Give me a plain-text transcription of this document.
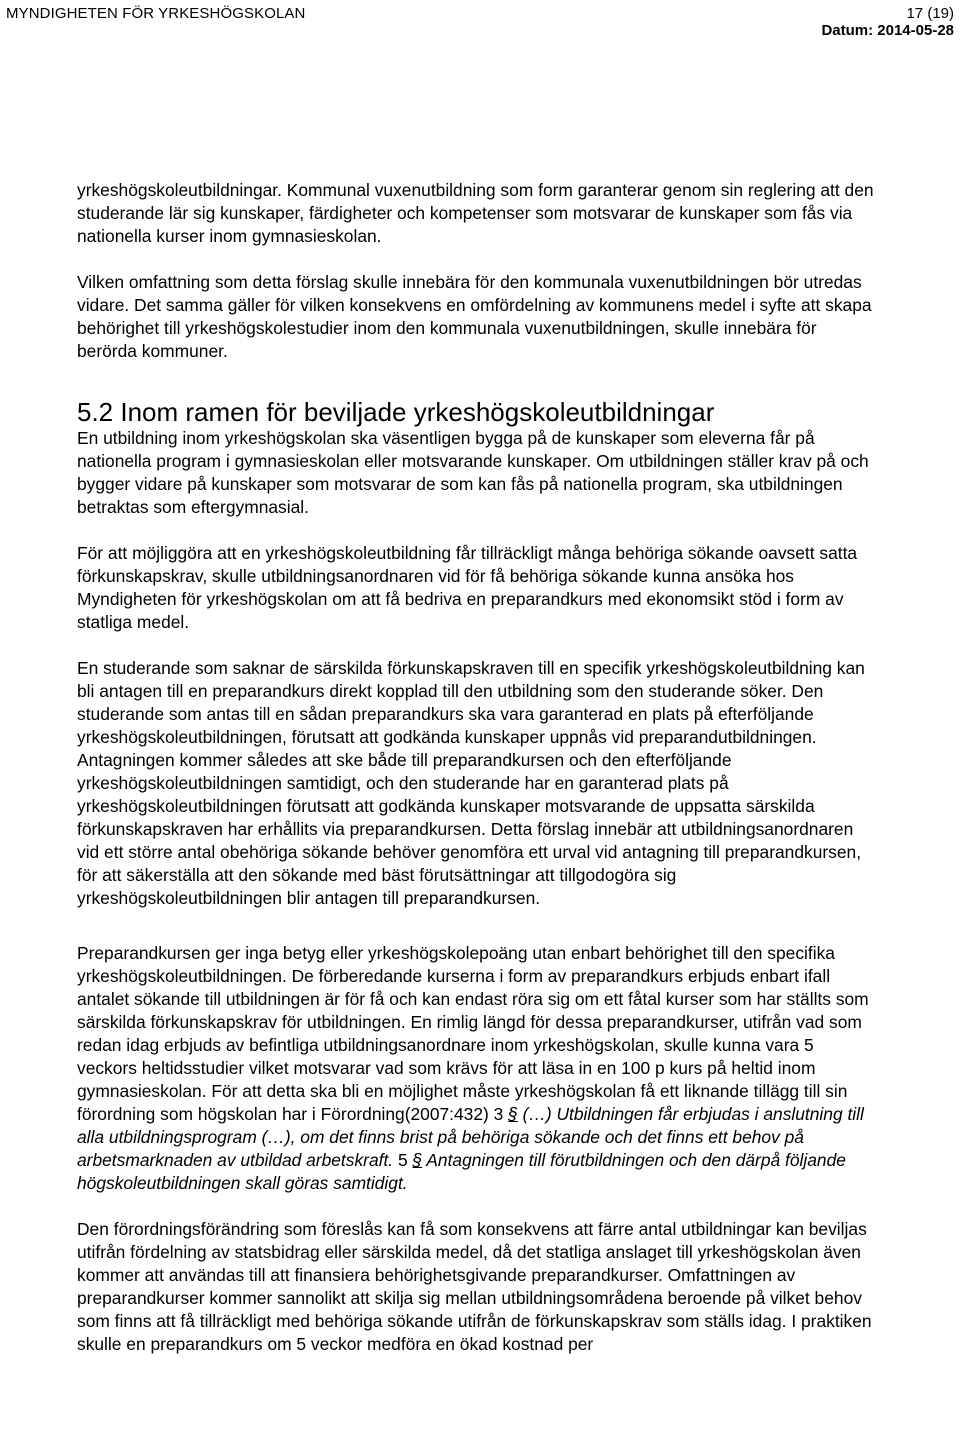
MYNDIGHETEN FÖR YRKESHÖGSKOLAN	17 (19)
Datum: 2014-05-28

yrkeshögskoleutbildningar. Kommunal vuxenutbildning som form garanterar genom sin reglering att den studerande lär sig kunskaper, färdigheter och kompetenser som motsvarar de kunskaper som fås via nationella kurser inom gymnasieskolan.

Vilken omfattning som detta förslag skulle innebära för den kommunala vuxenutbildningen bör utredas vidare. Det samma gäller för vilken konsekvens en omfördelning av kommunens medel i syfte att skapa behörighet till yrkeshögskolestudier inom den kommunala vuxenutbildningen, skulle innebära för berörda kommuner.

5.2 Inom ramen för beviljade yrkeshögskoleutbildningar

En utbildning inom yrkeshögskolan ska väsentligen bygga på de kunskaper som eleverna får på nationella program i gymnasieskolan eller motsvarande kunskaper. Om utbildningen ställer krav på och bygger vidare på kunskaper som motsvarar de som kan fås på nationella program, ska utbildningen betraktas som eftergymnasial.

För att möjliggöra att en yrkeshögskoleutbildning får tillräckligt många behöriga sökande oavsett satta förkunskapskrav, skulle utbildningsanordnaren vid för få behöriga sökande kunna ansöka hos Myndigheten för yrkeshögskolan om att få bedriva en preparandkurs med ekonomsikt stöd i form av statliga medel.

En studerande som saknar de särskilda förkunskapskraven till en specifik yrkeshögskoleutbildning kan bli antagen till en preparandkurs direkt kopplad till den utbildning som den studerande söker. Den studerande som antas till en sådan preparandkurs ska vara garanterad en plats på efterföljande yrkeshögskoleutbildningen, förutsatt att godkända kunskaper uppnås vid preparandutbildningen. Antagningen kommer således att ske både till preparandkursen och den efterföljande yrkeshögskoleutbildningen samtidigt, och den studerande har en garanterad plats på yrkeshögskoleutbildningen förutsatt att godkända kunskaper motsvarande de uppsatta särskilda förkunskapskraven har erhållits via preparandkursen. Detta förslag innebär att utbildningsanordnaren vid ett större antal obehöriga sökande behöver genomföra ett urval vid antagning till preparandkursen, för att säkerställa att den sökande med bäst förutsättningar att tillgodogöra sig yrkeshögskoleutbildningen blir antagen till preparandkursen.

Preparandkursen ger inga betyg eller yrkeshögskolepoäng utan enbart behörighet till den specifika yrkeshögskoleutbildningen. De förberedande kurserna i form av preparandkurs erbjuds enbart ifall antalet sökande till utbildningen är för få och kan endast röra sig om ett fåtal kurser som har ställts som särskilda förkunskapskrav för utbildningen. En rimlig längd för dessa preparandkurser, utifrån vad som redan idag erbjuds av befintliga utbildningsanordnare inom yrkeshögskolan, skulle kunna vara 5 veckors heltidsstudier vilket motsvarar vad som krävs för att läsa in en 100 p kurs på heltid inom gymnasieskolan. För att detta ska bli en möjlighet måste yrkeshögskolan få ett liknande tillägg till sin förordning som högskolan har i Förordning(2007:432) 3 § (…) Utbildningen får erbjudas i anslutning till alla utbildningsprogram (…), om det finns brist på behöriga sökande och det finns ett behov på arbetsmarknaden av utbildad arbetskraft. 5 § Antagningen till förutbildningen och den därpå följande högskoleutbildningen skall göras samtidigt.

Den förordningsförändring som föreslås kan få som konsekvens att färre antal utbildningar kan beviljas utifrån fördelning av statsbidrag eller särskilda medel, då det statliga anslaget till yrkeshögskolan även kommer att användas till att finansiera behörighetsgivande preparandkurser. Omfattningen av preparandkurser kommer sannolikt att skilja sig mellan utbildningsområdena beroende på vilket behov som finns att få tillräckligt med behöriga sökande utifrån de förkunskapskrav som ställs idag. I praktiken skulle en preparandkurs om 5 veckor medföra en ökad kostnad per
